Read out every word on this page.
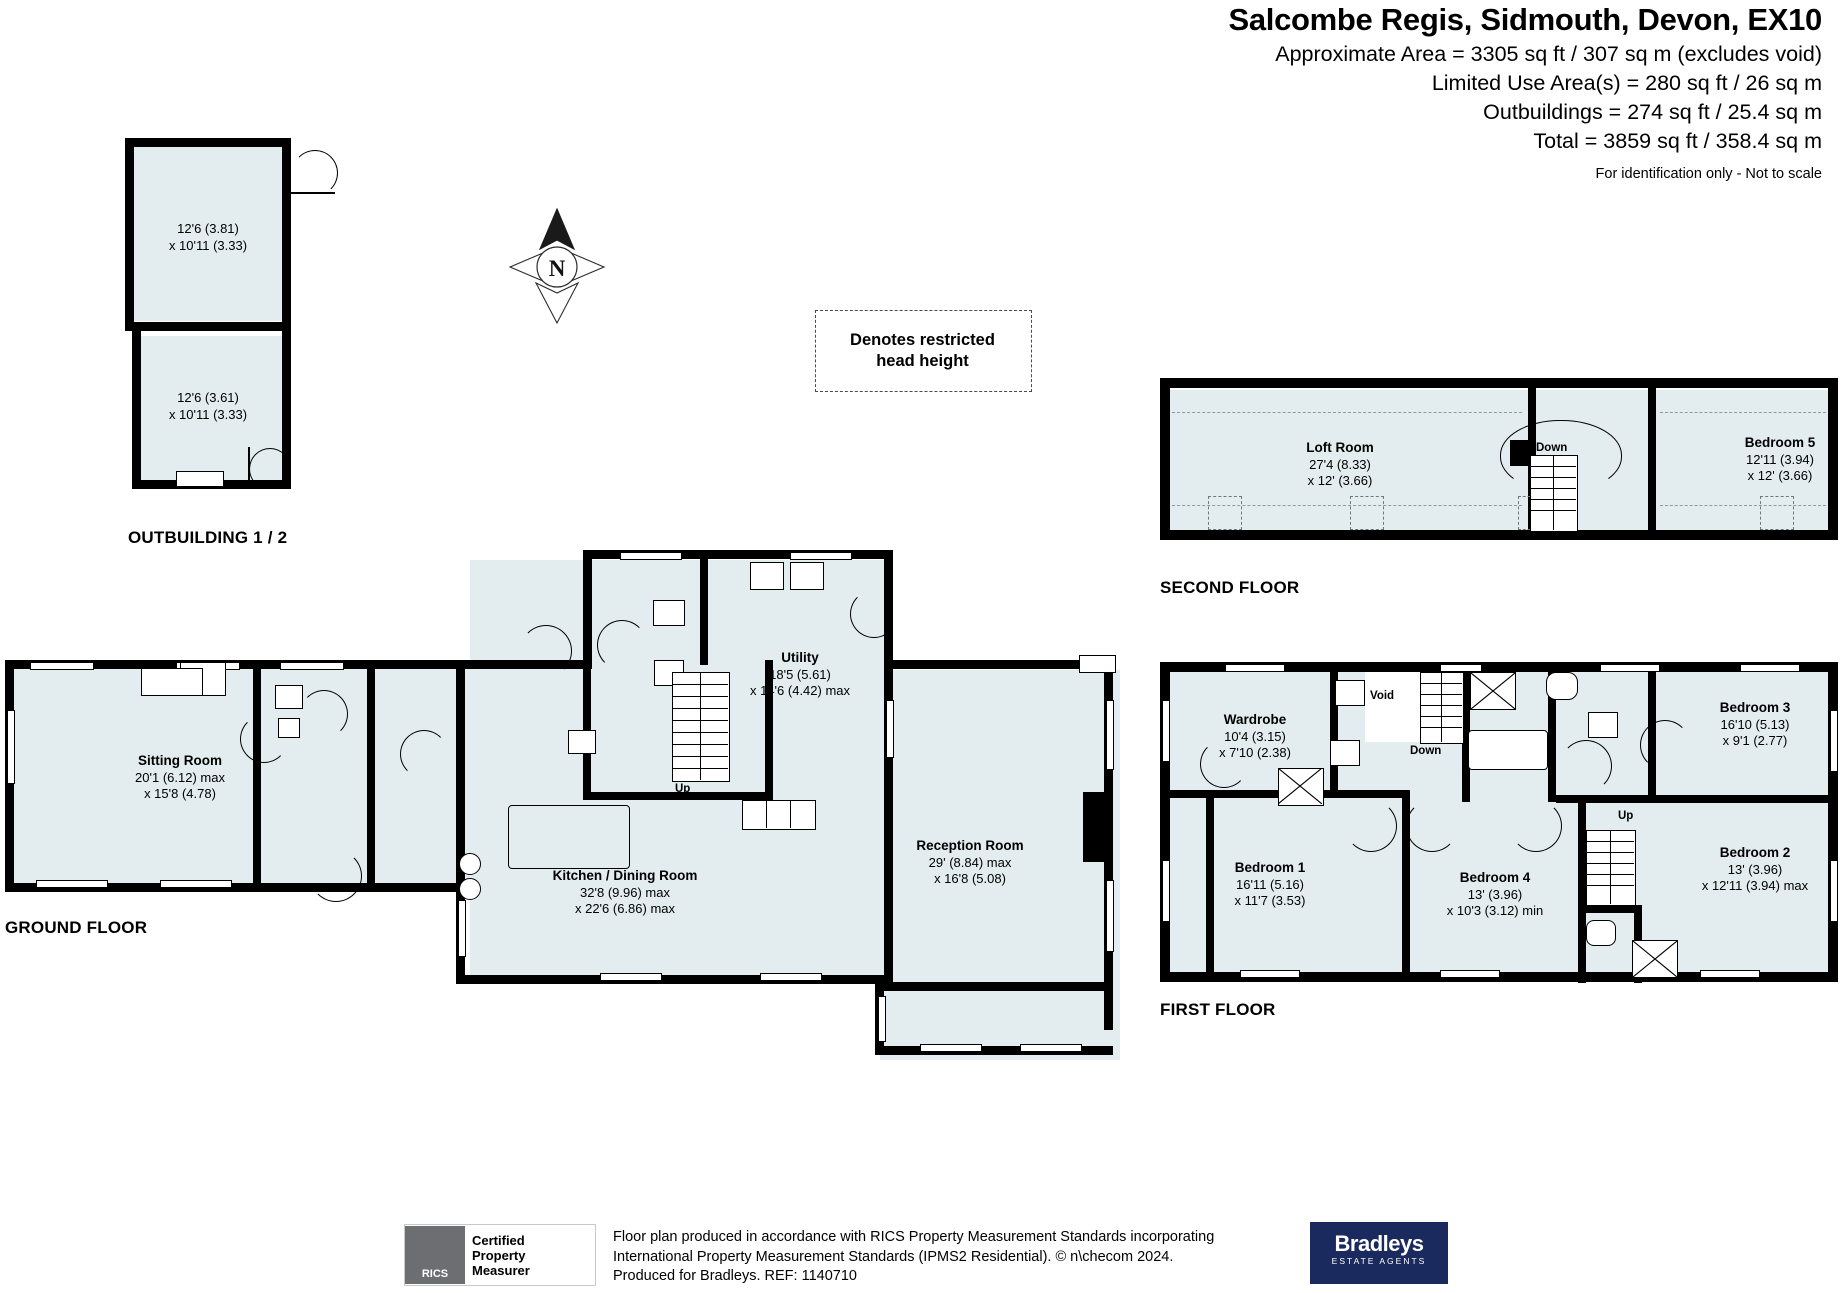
Salcombe Regis, Sidmouth, Devon, EX10
Approximate Area = 3305 sq ft / 307 sq m (excludes void)
Limited Use Area(s) = 280 sq ft / 26 sq m
Outbuildings = 274 sq ft / 25.4 sq m
Total = 3859 sq ft / 358.4 sq m
For identification only - Not to scale
Denotes restricted
head height
N
12'6 (3.81)
x 10'11 (3.33)
12'6 (3.61)
x 10'11 (3.33)
OUTBUILDING 1 / 2
Up
Sitting Room
20'1 (6.12) max
x 15'8 (4.78)
Utility
18'5 (5.61)
x 14'6 (4.42) max
Kitchen / Dining Room
32'8 (9.96) max
x 22'6 (6.86) max
Reception Room
29' (8.84) max
x 16'8 (5.08)
GROUND FLOOR
Down
Loft Room
27'4 (8.33)
x 12' (3.66)
Bedroom 5
12'11 (3.94)
x 12' (3.66)
SECOND FLOOR
Down
Void
Up
Wardrobe
10'4 (3.15)
x 7'10 (2.38)
Bedroom 1
16'11 (5.16)
x 11'7 (3.53)
Bedroom 4
13' (3.96)
x 10'3 (3.12) min
Bedroom 3
16'10 (5.13)
x 9'1 (2.77)
Bedroom 2
13' (3.96)
x 12'11 (3.94) max
FIRST FLOOR
RICS
Certified
Property
Measurer
Floor plan produced in accordance with RICS Property Measurement Standards incorporating
International Property Measurement Standards (IPMS2 Residential). © n\checom 2024.
Produced for Bradleys. REF: 1140710
Bradleys
ESTATE AGENTS
